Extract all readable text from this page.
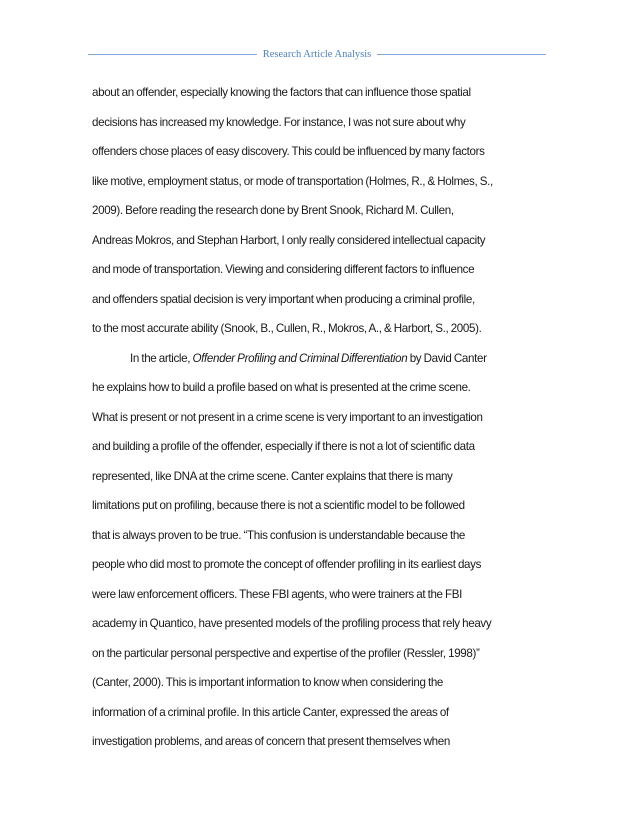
Research Article Analysis
about an offender, especially knowing the factors that can influence those spatial
decisions has increased my knowledge. For instance, I was not sure about why
offenders chose places of easy discovery. This could be influenced by many factors
like motive, employment status, or mode of transportation (Holmes, R., & Holmes, S.,
2009). Before reading the research done by Brent Snook, Richard M. Cullen,
Andreas Mokros, and Stephan Harbort, I only really considered intellectual capacity
and mode of transportation. Viewing and considering different factors to influence
and offenders spatial decision is very important when producing a criminal profile,
to the most accurate ability (Snook, B., Cullen, R., Mokros, A., & Harbort, S., 2005).
In the article, Offender Profiling and Criminal Differentiation by David Canter
he explains how to build a profile based on what is presented at the crime scene.
What is present or not present in a crime scene is very important to an investigation
and building a profile of the offender, especially if there is not a lot of scientific data
represented, like DNA at the crime scene. Canter explains that there is many
limitations put on profiling, because there is not a scientific model to be followed
that is always proven to be true. “This confusion is understandable because the
people who did most to promote the concept of offender profiling in its earliest days
were law enforcement officers. These FBI agents, who were trainers at the FBI
academy in Quantico, have presented models of the profiling process that rely heavy
on the particular personal perspective and expertise of the profiler (Ressler, 1998)”
(Canter, 2000). This is important information to know when considering the
information of a criminal profile. In this article Canter, expressed the areas of
investigation problems, and areas of concern that present themselves when
